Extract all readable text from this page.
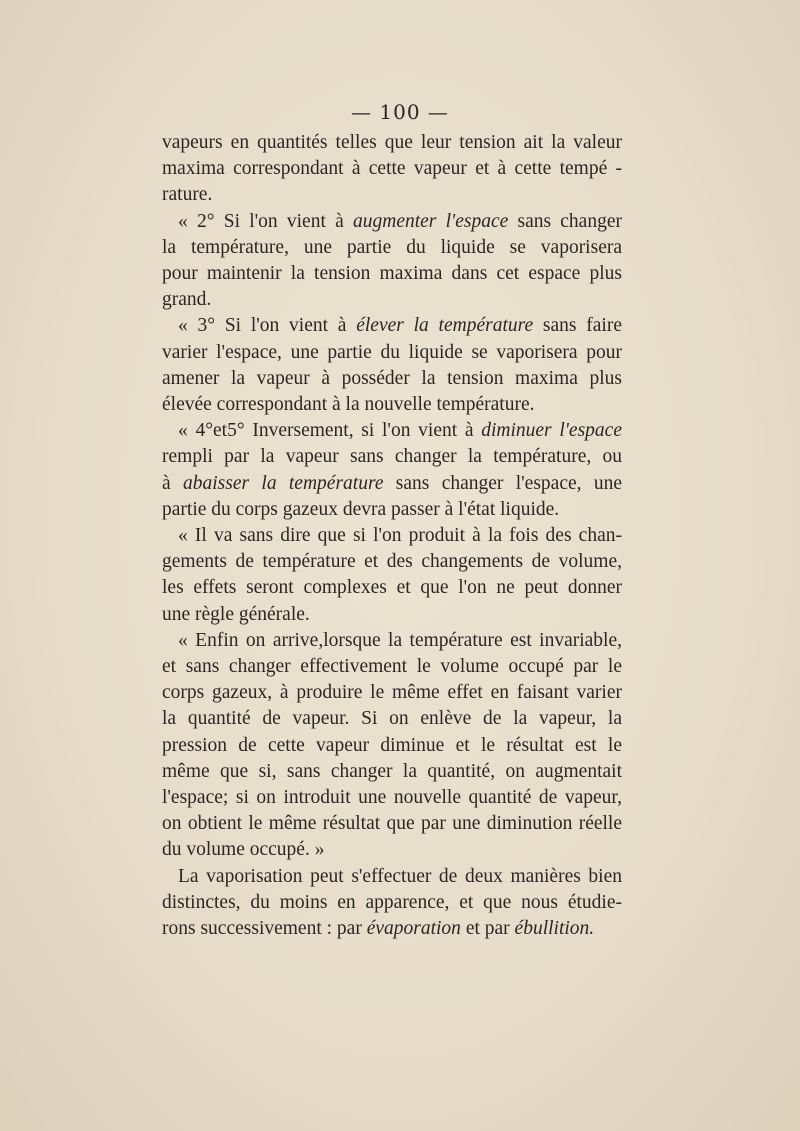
— 100 —
vapeurs en quantités telles que leur tension ait la valeur
maxima correspondant à cette vapeur et à cette tempé -
rature.
« 2° Si l'on vient à augmenter l'espace sans changer
la température, une partie du liquide se vaporisera
pour maintenir la tension maxima dans cet espace plus
grand.
« 3° Si l'on vient à élever la température sans faire
varier l'espace, une partie du liquide se vaporisera pour
amener la vapeur à posséder la tension maxima plus
élevée correspondant à la nouvelle température.
« 4°et5° Inversement, si l'on vient à diminuer l'espace
rempli par la vapeur sans changer la température, ou
à abaisser la température sans changer l'espace, une
partie du corps gazeux devra passer à l'état liquide.
« Il va sans dire que si l'on produit à la fois des chan-
gements de température et des changements de volume,
les effets seront complexes et que l'on ne peut donner
une règle générale.
« Enfin on arrive,lorsque la température est invariable,
et sans changer effectivement le volume occupé par le
corps gazeux, à produire le même effet en faisant varier
la quantité de vapeur. Si on enlève de la vapeur, la
pression de cette vapeur diminue et le résultat est le
même que si, sans changer la quantité, on augmentait
l'espace; si on introduit une nouvelle quantité de vapeur,
on obtient le même résultat que par une diminution réelle
du volume occupé. »
La vaporisation peut s'effectuer de deux manières bien
distinctes, du moins en apparence, et que nous étudie-
rons successivement : par évaporation et par ébullition.
